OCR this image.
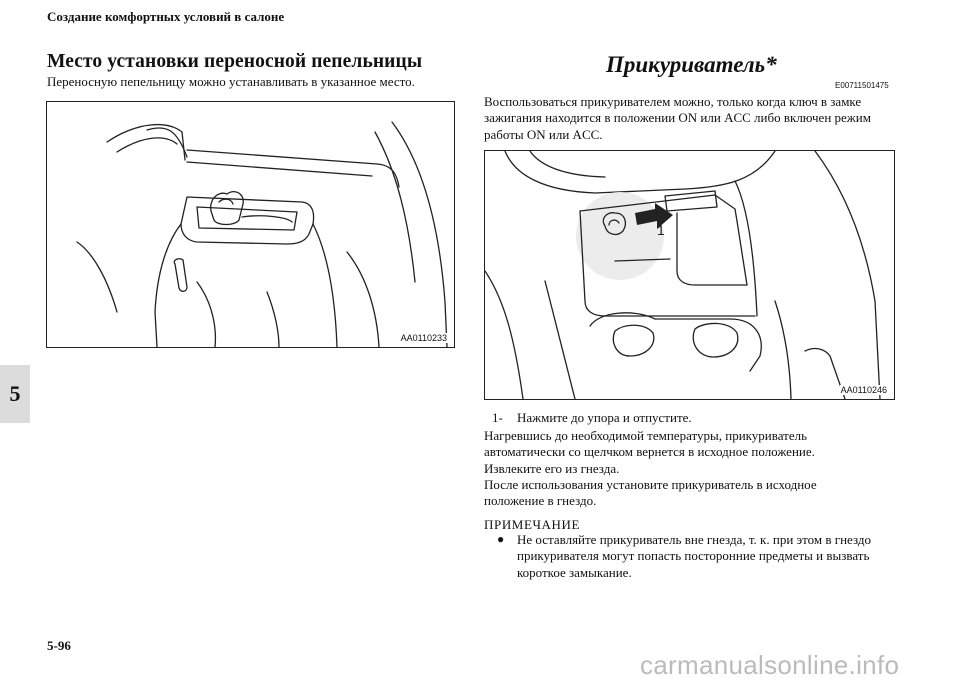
Создание комфортных условий в салоне
5
Место установки переносной пепельницы
Переносную пепельницу можно устанавливать в указанное место.
AA0110233
Прикуриватель*
E00711501475
Воспользоваться прикуривателем можно, только когда ключ в замке
зажигания находится в положении ON или ACC либо включен режим
работы ON или ACC.
1
AA0110246
1- Нажмите до упора и отпустите.
Нагревшись до необходимой температуры, прикуриватель
автоматически со щелчком вернется в исходное положение.
Извлеките его из гнезда.
После использования установите прикуриватель в исходное
положение в гнездо.
ПРИМЕЧАНИЕ
● Не оставляйте прикуриватель вне гнезда, т. к. при этом в гнездо
прикуривателя могут попасть посторонние предметы и вызвать
короткое замыкание.
5-96
carmanualsonline.info
